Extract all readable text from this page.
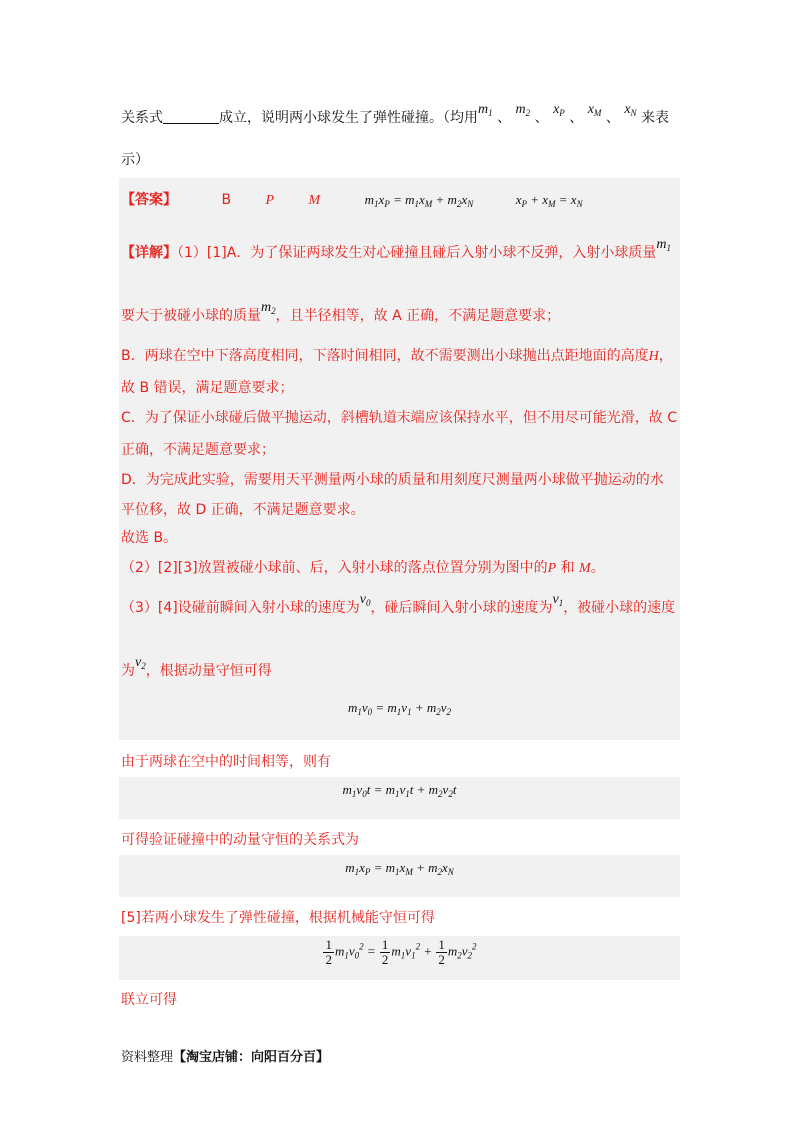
关系式	成立，说明两小球发生了弹性碰撞。（均用$m_1$ 、 $m_2$ 、 $x_P$ 、 $x_M$ 、 $x_N$ 来表
示）
【答案】	B P M	$m_1x_P = m_1x_M + m_2x_N$	$x_P + x_M = x_N$
【详解】（1）[1]A．为了保证两球发生对心碰撞且碰后入射小球不反弹，入射小球质量$m_1$
要大于被碰小球的质量$m_2$，且半径相等，故 A 正确，不满足题意要求；
B．两球在空中下落高度相同，下落时间相同，故不需要测出小球抛出点距地面的高度H，
故 B 错误，满足题意要求；
C．为了保证小球碰后做平抛运动，斜槽轨道末端应该保持水平，但不用尽可能光滑，故 C
正确，不满足题意要求；
D．为完成此实验，需要用天平测量两小球的质量和用刻度尺测量两小球做平抛运动的水
平位移，故 D 正确，不满足题意要求。
故选 B。
（2）[2][3]放置被碰小球前、后，入射小球的落点位置分别为图中的P 和 M。
（3）[4]设碰前瞬间入射小球的速度为$v_0$，碰后瞬间入射小球的速度为$v_1$，被碰小球的速度
为$v_2$，根据动量守恒可得
$m_1v_0 = m_1v_1 + m_2v_2$
由于两球在空中的时间相等，则有
$m_1v_0t = m_1v_1t + m_2v_2t$
可得验证碰撞中的动量守恒的关系式为
$m_1x_P = m_1x_M + m_2x_N$
[5]若两小球发生了弹性碰撞，根据机械能守恒可得
$\frac{1}{2} m_1v_0^2 = \frac{1}{2} m_1v_1^2 + \frac{1}{2} m_2v_2^2$
联立可得
资料整理【淘宝店铺：向阳百分百】
